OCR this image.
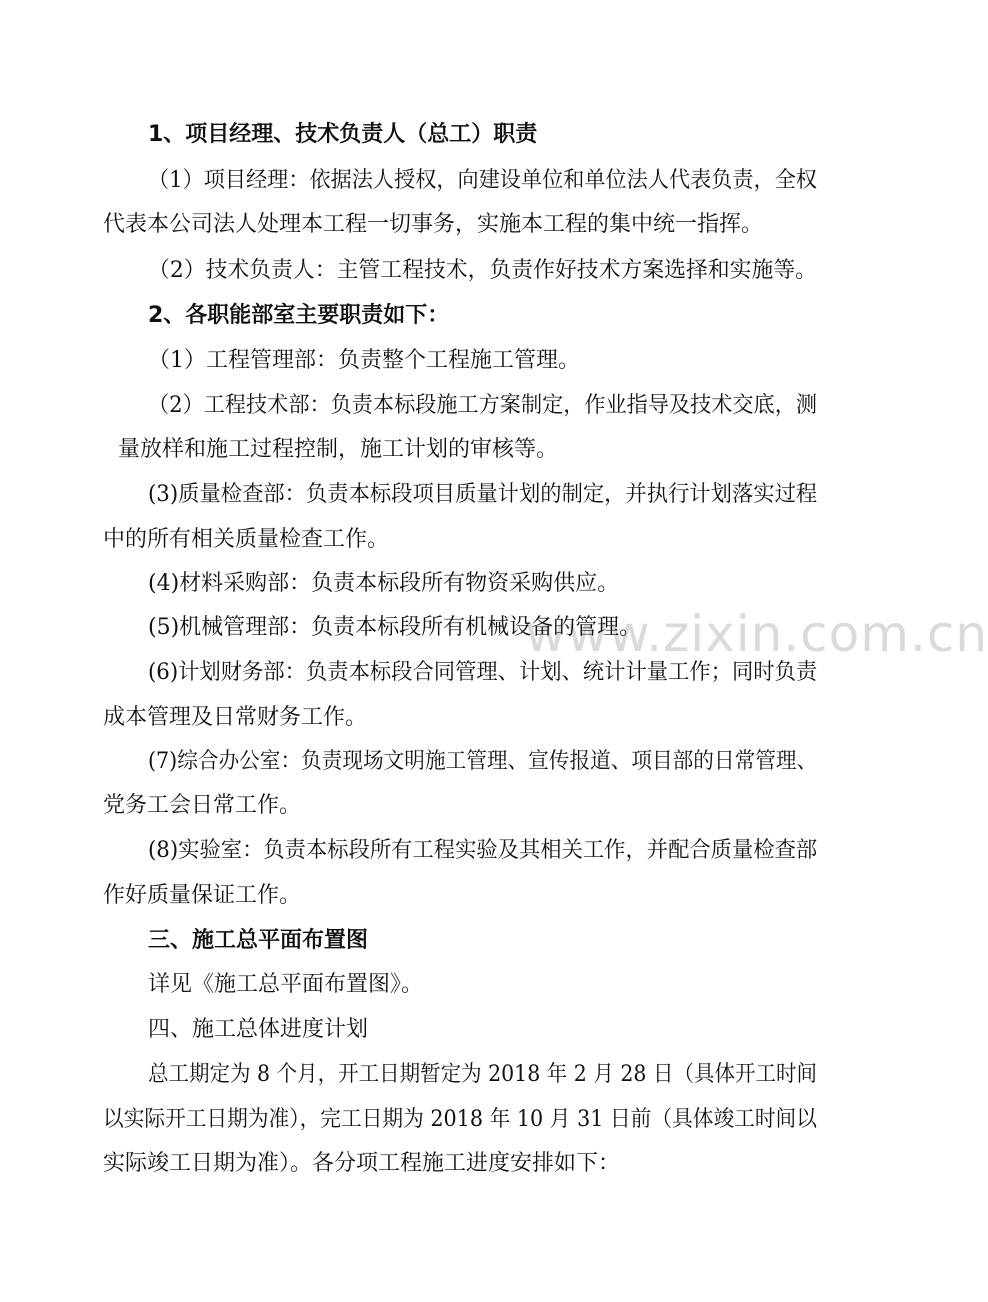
www.zixin.com.cn
1、项目经理、技术负责人（总工）职责
（1）项目经理：依据法人授权，向建设单位和单位法人代表负责，全权
代表本公司法人处理本工程一切事务，实施本工程的集中统一指挥。
（2）技术负责人：主管工程技术，负责作好技术方案选择和实施等。
2、各职能部室主要职责如下：
（1）工程管理部：负责整个工程施工管理。
（2）工程技术部：负责本标段施工方案制定，作业指导及技术交底，测
量放样和施工过程控制，施工计划的审核等。
(3)质量检查部：负责本标段项目质量计划的制定，并执行计划落实过程
中的所有相关质量检查工作。
(4)材料采购部：负责本标段所有物资采购供应。
(5)机械管理部：负责本标段所有机械设备的管理。
(6)计划财务部：负责本标段合同管理、计划、统计计量工作；同时负责
成本管理及日常财务工作。
(7)综合办公室：负责现场文明施工管理、宣传报道、项目部的日常管理、
党务工会日常工作。
(8)实验室：负责本标段所有工程实验及其相关工作，并配合质量检查部
作好质量保证工作。
三、施工总平面布置图
详见《施工总平面布置图》。
四、施工总体进度计划
总工期定为 8 个月，开工日期暂定为 2018 年 2 月 28 日（具体开工时间
以实际开工日期为准），完工日期为 2018 年 10 月 31 日前（具体竣工时间以
实际竣工日期为准）。各分项工程施工进度安排如下：
